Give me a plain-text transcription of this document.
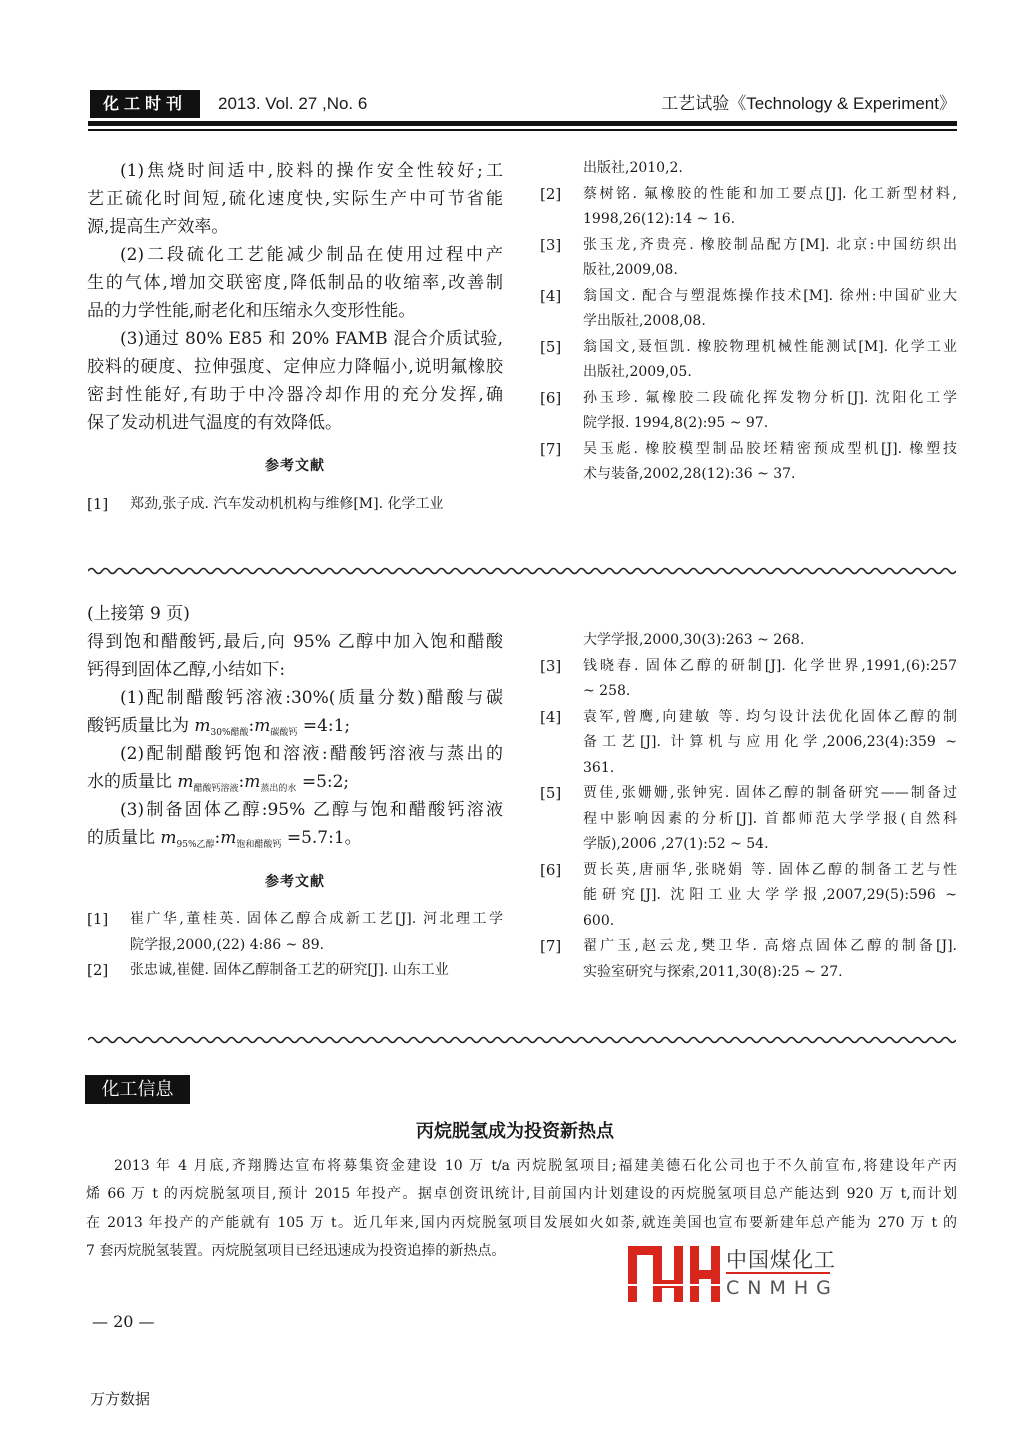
化工时刊	2013. Vol. 27 ,No. 6	工艺试验《Technology & Experiment》
(1)焦烧时间适中,胶料的操作安全性较好;工
艺正硫化时间短,硫化速度快,实际生产中可节省能
源,提高生产效率。
(2)二段硫化工艺能减少制品在使用过程中产
生的气体,增加交联密度,降低制品的收缩率,改善制
品的力学性能,耐老化和压缩永久变形性能。
(3)通过 80% E85 和 20% FAMB 混合介质试验,
胶料的硬度、拉伸强度、定伸应力降幅小,说明氟橡胶
密封性能好,有助于中冷器冷却作用的充分发挥,确
保了发动机进气温度的有效降低。
参考文献
[1] 郑劲,张子成. 汽车发动机机构与维修[M]. 化学工业
出版社,2010,2.
[2] 蔡树铭. 氟橡胶的性能和加工要点[J]. 化工新型材料,
1998,26(12):14 ~ 16.
[3] 张玉龙,齐贵亮. 橡胶制品配方[M]. 北京:中国纺织出
版社,2009,08.
[4] 翁国文. 配合与塑混炼操作技术[M]. 徐州:中国矿业大
学出版社,2008,08.
[5] 翁国文,聂恒凯. 橡胶物理机械性能测试[M]. 化学工业
出版社,2009,05.
[6] 孙玉珍. 氟橡胶二段硫化挥发物分析[J]. 沈阳化工学
院学报. 1994,8(2):95 ~ 97.
[7] 吴玉彪. 橡胶模型制品胶坯精密预成型机[J]. 橡塑技
术与装备,2002,28(12):36 ~ 37.
(上接第 9 页)
得到饱和醋酸钙,最后,向 95% 乙醇中加入饱和醋酸
钙得到固体乙醇,小结如下:
(1)配制醋酸钙溶液:30%(质量分数)醋酸与碳
酸钙质量比为 $m_{30\%醋酸}:m_{碳酸钙}$ =4:1;
(2)配制醋酸钙饱和溶液:醋酸钙溶液与蒸出的
水的质量比 $m_{醋酸钙溶液}:m_{蒸出的水}$ =5:2;
(3)制备固体乙醇:95% 乙醇与饱和醋酸钙溶液
的质量比 $m_{95\%乙醇}:m_{饱和醋酸钙}$ =5.7:1。
参考文献
[1] 崔广华,董桂英. 固体乙醇合成新工艺[J]. 河北理工学
院学报,2000,(22) 4:86 ~ 89.
[2] 张忠诚,崔健. 固体乙醇制备工艺的研究[J]. 山东工业
大学学报,2000,30(3):263 ~ 268.
[3] 钱晓春. 固体乙醇的研制[J]. 化学世界,1991,(6):257
~ 258.
[4] 袁军,曾鹰,向建敏 等. 均匀设计法优化固体乙醇的制
备工艺[J]. 计算机与应用化学,2006,23(4):359 ~
361.
[5] 贾佳,张姗姗,张钟宪. 固体乙醇的制备研究——制备过
程中影响因素的分析[J]. 首都师范大学学报(自然科
学版),2006 ,27(1):52 ~ 54.
[6] 贾长英,唐丽华,张晓娟 等. 固体乙醇的制备工艺与性
能研究[J]. 沈阳工业大学学报,2007,29(5):596 ~
600.
[7] 翟广玉,赵云龙,樊卫华. 高熔点固体乙醇的制备[J].
实验室研究与探索,2011,30(8):25 ~ 27.
化工信息
丙烷脱氢成为投资新热点
2013 年 4 月底,齐翔腾达宣布将募集资金建设 10 万 t/a 丙烷脱氢项目;福建美德石化公司也于不久前宣布,将建设年产丙
烯 66 万 t 的丙烷脱氢项目,预计 2015 年投产。据卓创资讯统计,目前国内计划建设的丙烷脱氢项目总产能达到 920 万 t,而计划
在 2013 年投产的产能就有 105 万 t。近几年来,国内丙烷脱氢项目发展如火如荼,就连美国也宣布要新建年总产能为 270 万 t 的
7 套丙烷脱氢装置。丙烷脱氢项目已经迅速成为投资追捧的新热点。	中国煤化工
CNMHG
— 20 —
万方数据
